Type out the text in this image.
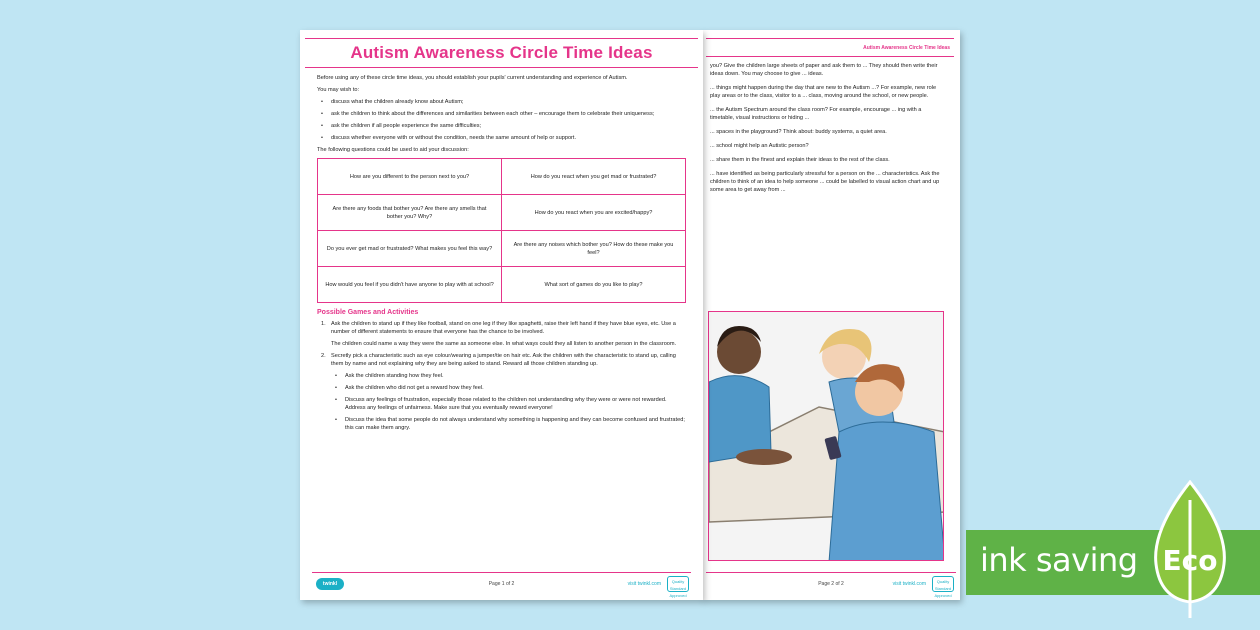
Autism Awareness Circle Time Ideas

you? Give the children large sheets of paper and ask them to ... They should then write their ideas down. You may choose to give ... ideas.

... things might happen during the day that are new to the Autism ...? For example, new role play areas or to the class, visitor to a ... class, moving around the school, or new people.

... the Autism Spectrum around the class room? For example, encourage ... ing with a timetable, visual instructions or hiding ...

... spaces in the playground? Think about: buddy systems, a quiet area.

... school might help an Autistic person?

... share them in the finest and explain their ideas to the rest of the class.

... have identified as being particularly stressful for a person on the ... characteristics. Ask the children to think of an idea to help someone ... could be labelled to visual action chart and up some area to get away from ...

Page 2 of 2	visit twinkl.com	Quality Standard Approved
Autism Awareness Circle Time Ideas

Before using any of these circle time ideas, you should establish your pupils' current understanding and experience of Autism.

You may wish to:

• discuss what the children already know about Autism;
• ask the children to think about the differences and similarities between each other – encourage them to celebrate their uniqueness;
• ask the children if all people experience the same difficulties;
• discuss whether everyone with or without the condition, needs the same amount of help or support.

The following questions could be used to aid your discussion:

How are you different to the person next to you?	How do you react when you get mad or frustrated?
Are there any foods that bother you? Are there any smells that bother you? Why?	How do you react when you are excited/happy?
Do you ever get mad or frustrated? What makes you feel this way?	Are there any noises which bother you? How do these make you feel?
How would you feel if you didn't have anyone to play with at school?	What sort of games do you like to play?
Possible Games and Activities
1. Ask the children to stand up if they like football, stand on one leg if they like spaghetti, raise their left hand if they have blue eyes, etc. Use a number of different statements to ensure that everyone has the chance to be involved.

The children could name a way they were the same as someone else. In what ways could they all listen to another person in the classroom.

2. Secretly pick a characteristic such as eye colour/wearing a jumper/tie on hair etc. Ask the children with the characteristic to stand up, calling them by name and not explaining why they are being asked to stand. Reward all those children standing up.

• Ask the children standing how they feel.
• Ask the children who did not get a reward how they feel.
• Discuss any feelings of frustration, especially those related to the children not understanding why they were or were not rewarded. Address any feelings of unfairness. Make sure that you eventually reward everyone!
• Discuss the idea that some people do not always understand why something is happening and they can become confused and frustrated; this can make them angry.
twinkl	Page 1 of 2	visit twinkl.com	Quality Standard Approved
ink saving Eco
